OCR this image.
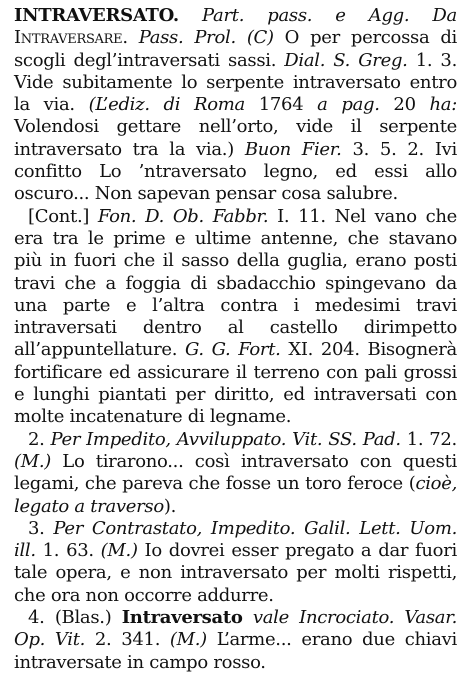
INTRAVERSATO. Part. pass. e Agg. Da Intraversare. Pass. Prol. (C) O per percossa di scogli degl’intraversati sassi. Dial. S. Greg. 1. 3. Vide subitamente lo serpente intraversato entro la via. (L’ediz. di Roma 1764 a pag. 20 ha: Volendosi gettare nell’orto, vide il serpente intraversato tra la via.) Buon Fier. 3. 5. 2. Ivi confitto Lo ’ntraversato legno, ed essi allo oscuro... Non sapevan pensar cosa salubre.

[Cont.] Fon. D. Ob. Fabbr. I. 11. Nel vano che era tra le prime e ultime antenne, che stavano più in fuori che il sasso della guglia, erano posti travi che a foggia di sbadacchio spingevano da una parte e l’altra contra i medesimi travi intraversati dentro al castello dirimpetto all’appuntellature. G. G. Fort. XI. 204. Bisognerà fortificare ed assicurare il terreno con pali grossi e lunghi piantati per diritto, ed intraversati con molte incatenature di legname.

2. Per Impedito, Avviluppato. Vit. SS. Pad. 1. 72. (M.) Lo tirarono... così intraversato con questi legami, che pareva che fosse un toro feroce (cioè, legato a traverso).

3. Per Contrastato, Impedito. Galil. Lett. Uom. ill. 1. 63. (M.) Io dovrei esser pregato a dar fuori tale opera, e non intraversato per molti rispetti, che ora non occorre addurre.

4. (Blas.) Intraversato vale Incrociato. Vasar. Op. Vit. 2. 341. (M.) L’arme... erano due chiavi intraversate in campo rosso.
